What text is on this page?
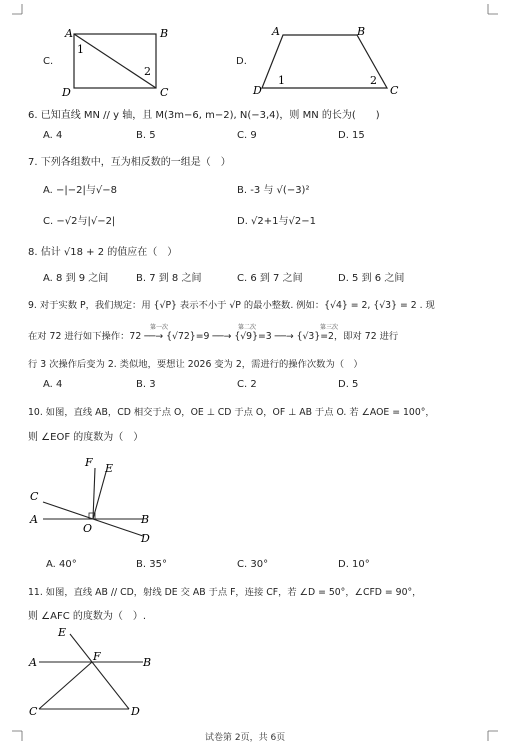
C.
A	B
C
D
1
2
D.
A	B
C
D
1	2
6. 已知直线 MN // y 轴，且 M(3m−6, m−2), N(−3,4)，则 MN 的长为(　　)
A. 4	B. 5	C. 9	D. 15
7. 下列各组数中，互为相反数的一组是（　）
A. −|−2|与√−8	B. -3 与 √(−3)²
C. −√2与|√−2|	D. √2+1与√2−1
8. 估计 √18 + 2 的值应在（　）
A. 8 到 9 之间	B. 7 到 8 之间	C. 6 到 7 之间	D. 5 到 6 之间
9. 对于实数 P，我们规定：用 {√P} 表示不小于 √P 的最小整数. 例如：{√4} = 2, {√3} = 2 . 现
在对 72 进行如下操作：72 ──→ {√72}=9 ──→ {√9}=3 ──→ {√3}=2，即对 72 进行
第一次	第二次	第三次
行 3 次操作后变为 2. 类似地，要想让 2026 变为 2，需进行的操作次数为（　）
A. 4	B. 3	C. 2	D. 5
10. 如图，直线 AB，CD 相交于点 O，OE ⊥ CD 于点 O，OF ⊥ AB 于点 O. 若 ∠AOE = 100°，
则 ∠EOF 的度数为（　）
C
A	B
D
F E
O
A. 40°	B. 35°	C. 30°	D. 10°
11. 如图，直线 AB // CD，射线 DE 交 AB 于点 F，连接 CF，若 ∠D = 50°，∠CFD = 90°，
则 ∠AFC 的度数为（　）.
E
A	F	B
C	D
试卷第 2页，共 6页
